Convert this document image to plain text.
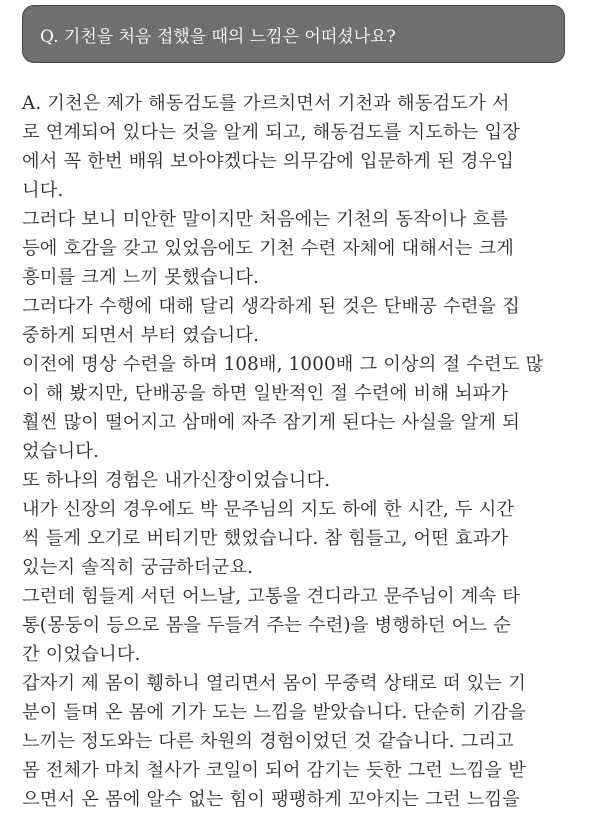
Q. 기천을 처음 접했을 때의 느낌은 어떠셨나요?
A. 기천은 제가 해동검도를 가르치면서 기천과 해동검도가 서
로 연계되어 있다는 것을 알게 되고, 해동검도를 지도하는 입장
에서 꼭 한번 배워 보아야겠다는 의무감에 입문하게 된 경우입
니다.
그러다 보니 미안한 말이지만 처음에는 기천의 동작이나 흐름
등에 호감을 갖고 있었음에도 기천 수련 자체에 대해서는 크게
흥미를 크게 느끼 못했습니다.
그러다가 수행에 대해 달리 생각하게 된 것은 단배공 수련을 집
중하게 되면서 부터 였습니다.
이전에 명상 수련을 하며 108배, 1000배 그 이상의 절 수련도 많
이 해 봤지만, 단배공을 하면 일반적인 절 수련에 비해 뇌파가
훨씬 많이 떨어지고 삼매에 자주 잠기게 된다는 사실을 알게 되
었습니다.
또 하나의 경험은 내가신장이었습니다.
내가 신장의 경우에도 박 문주님의 지도 하에 한 시간, 두 시간
씩 들게 오기로 버티기만 했었습니다. 참 힘들고, 어떤 효과가
있는지 솔직히 궁금하더군요.
그런데 힘들게 서던 어느날, 고통을 견디라고 문주님이 계속 타
통(몽둥이 등으로 몸을 두들겨 주는 수련)을 병행하던 어느 순
간 이었습니다.
갑자기 제 몸이 휑하니 열리면서 몸이 무중력 상태로 떠 있는 기
분이 들며 온 몸에 기가 도는 느낌을 받았습니다. 단순히 기감을
느끼는 정도와는 다른 차원의 경험이었던 것 같습니다. 그리고
몸 전체가 마치 철사가 코일이 되어 감기는 듯한 그런 느낌을 받
으면서 온 몸에 알수 없는 힘이 팽팽하게 꼬아지는 그런 느낌을
